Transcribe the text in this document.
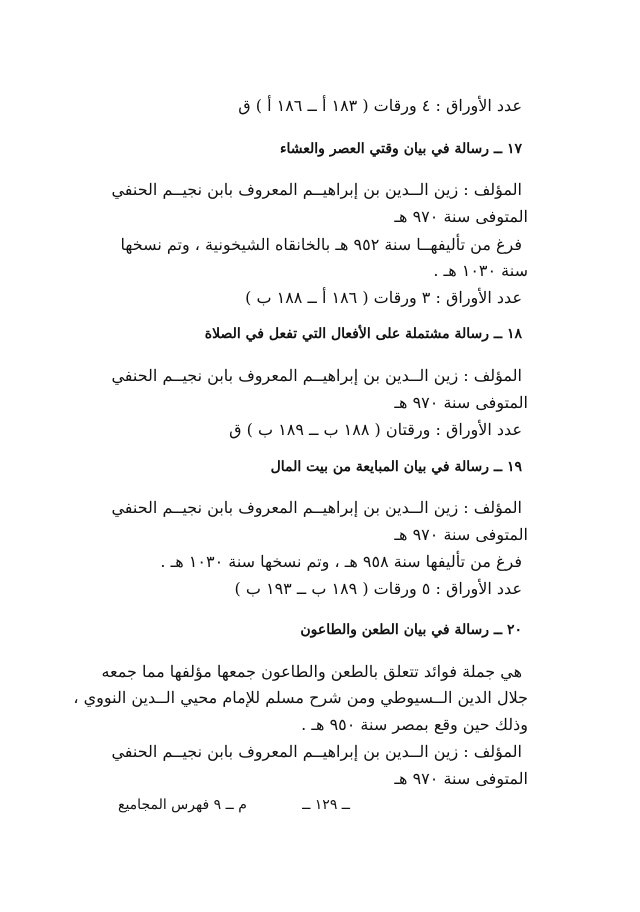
عدد الأوراق : ٤ ورقات ( ١٨٣ أ ــ ١٨٦ أ ) ق
١٧ ــ رسالة في بيان وقتي العصر والعشاء
المؤلف : زين الــدين بن إبراهيــم المعروف بابن نجيــم الحنفي
المتوفى سنة ٩٧٠ هـ
فرغ من تأليفهــا سنة ٩٥٢ هـ بالخانقاه الشيخونية ، وتم نسخها
سنة ١٠٣٠ هـ .
عدد الأوراق : ٣ ورقات ( ١٨٦ أ ــ ١٨٨ ب )
١٨ ــ رسالة مشتملة على الأفعال التي تفعل في الصلاة
المؤلف : زين الــدين بن إبراهيــم المعروف بابن نجيــم الحنفي
المتوفى سنة ٩٧٠ هـ
عدد الأوراق : ورقتان ( ١٨٨ ب ــ ١٨٩ ب ) ق
١٩ ــ رسالة في بيان المبايعة من بيت المال
المؤلف : زين الــدين بن إبراهيــم المعروف بابن نجيــم الحنفي
المتوفى سنة ٩٧٠ هـ
فرغ من تأليفها سنة ٩٥٨ هـ ، وتم نسخها سنة ١٠٣٠ هـ .
عدد الأوراق : ٥ ورقات ( ١٨٩ ب ــ ١٩٣ ب )
٢٠ ــ رسالة في بيان الطعن والطاعون
هي جملة فوائد تتعلق بالطعن والطاعون جمعها مؤلفها مما جمعه
جلال الدين الــسيوطي ومن شرح مسلم للإمام محيي الــدين النووي ،
وذلك حين وقع بمصر سنة ٩٥٠ هـ .
المؤلف : زين الــدين بن إبراهيــم المعروف بابن نجيــم الحنفي
المتوفى سنة ٩٧٠ هـ
ــ ١٢٩ ــ
م ــ ٩ فهرس المجاميع
